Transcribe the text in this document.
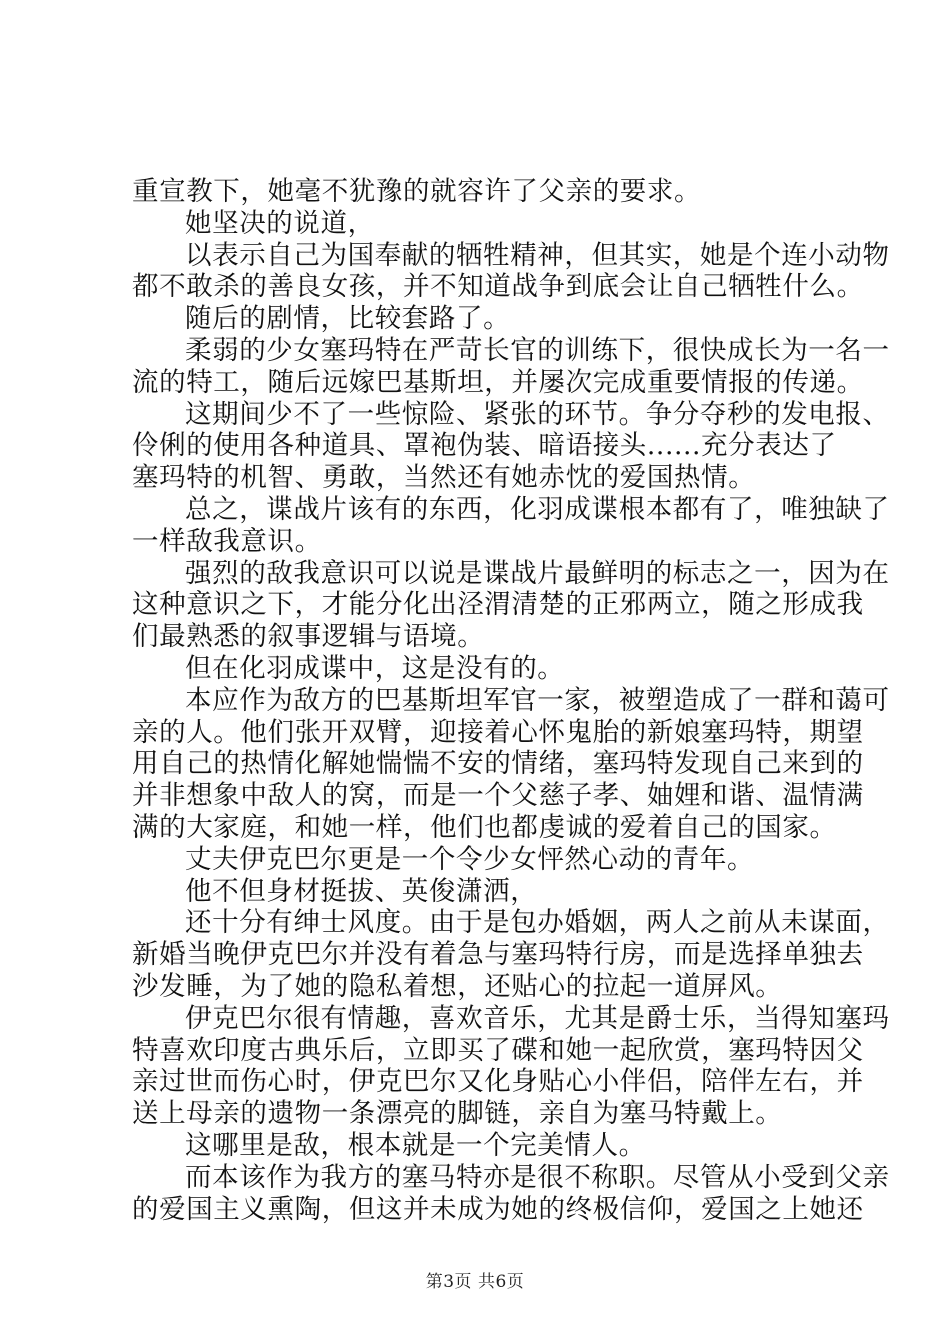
重宣教下，她毫不犹豫的就容许了父亲的要求。
她坚决的说道，
以表示自己为国奉献的牺牲精神，但其实，她是个连小动物
都不敢杀的善良女孩，并不知道战争到底会让自己牺牲什么。
随后的剧情，比较套路了。
柔弱的少女塞玛特在严苛长官的训练下，很快成长为一名一
流的特工，随后远嫁巴基斯坦，并屡次完成重要情报的传递。
这期间少不了一些惊险、紧张的环节。争分夺秒的发电报、
伶俐的使用各种道具、罩袍伪装、暗语接头......充分表达了
塞玛特的机智、勇敢，当然还有她赤忱的爱国热情。
总之，谍战片该有的东西，化羽成谍根本都有了，唯独缺了
一样敌我意识。
强烈的敌我意识可以说是谍战片最鲜明的标志之一，因为在
这种意识之下，才能分化出泾渭清楚的正邪两立，随之形成我
们最熟悉的叙事逻辑与语境。
但在化羽成谍中，这是没有的。
本应作为敌方的巴基斯坦军官一家，被塑造成了一群和蔼可
亲的人。他们张开双臂，迎接着心怀鬼胎的新娘塞玛特，期望
用自己的热情化解她惴惴不安的情绪，塞玛特发现自己来到的
并非想象中敌人的窝，而是一个父慈子孝、妯娌和谐、温情满
满的大家庭，和她一样，他们也都虔诚的爱着自己的国家。
丈夫伊克巴尔更是一个令少女怦然心动的青年。
他不但身材挺拔、英俊潇洒，
还十分有绅士风度。由于是包办婚姻，两人之前从未谋面，
新婚当晚伊克巴尔并没有着急与塞玛特行房，而是选择单独去
沙发睡，为了她的隐私着想，还贴心的拉起一道屏风。
伊克巴尔很有情趣，喜欢音乐，尤其是爵士乐，当得知塞玛
特喜欢印度古典乐后，立即买了碟和她一起欣赏，塞玛特因父
亲过世而伤心时，伊克巴尔又化身贴心小伴侣，陪伴左右，并
送上母亲的遗物一条漂亮的脚链，亲自为塞马特戴上。
这哪里是敌，根本就是一个完美情人。
而本该作为我方的塞马特亦是很不称职。尽管从小受到父亲
的爱国主义熏陶，但这并未成为她的终极信仰，爱国之上她还
第3页 共6页
